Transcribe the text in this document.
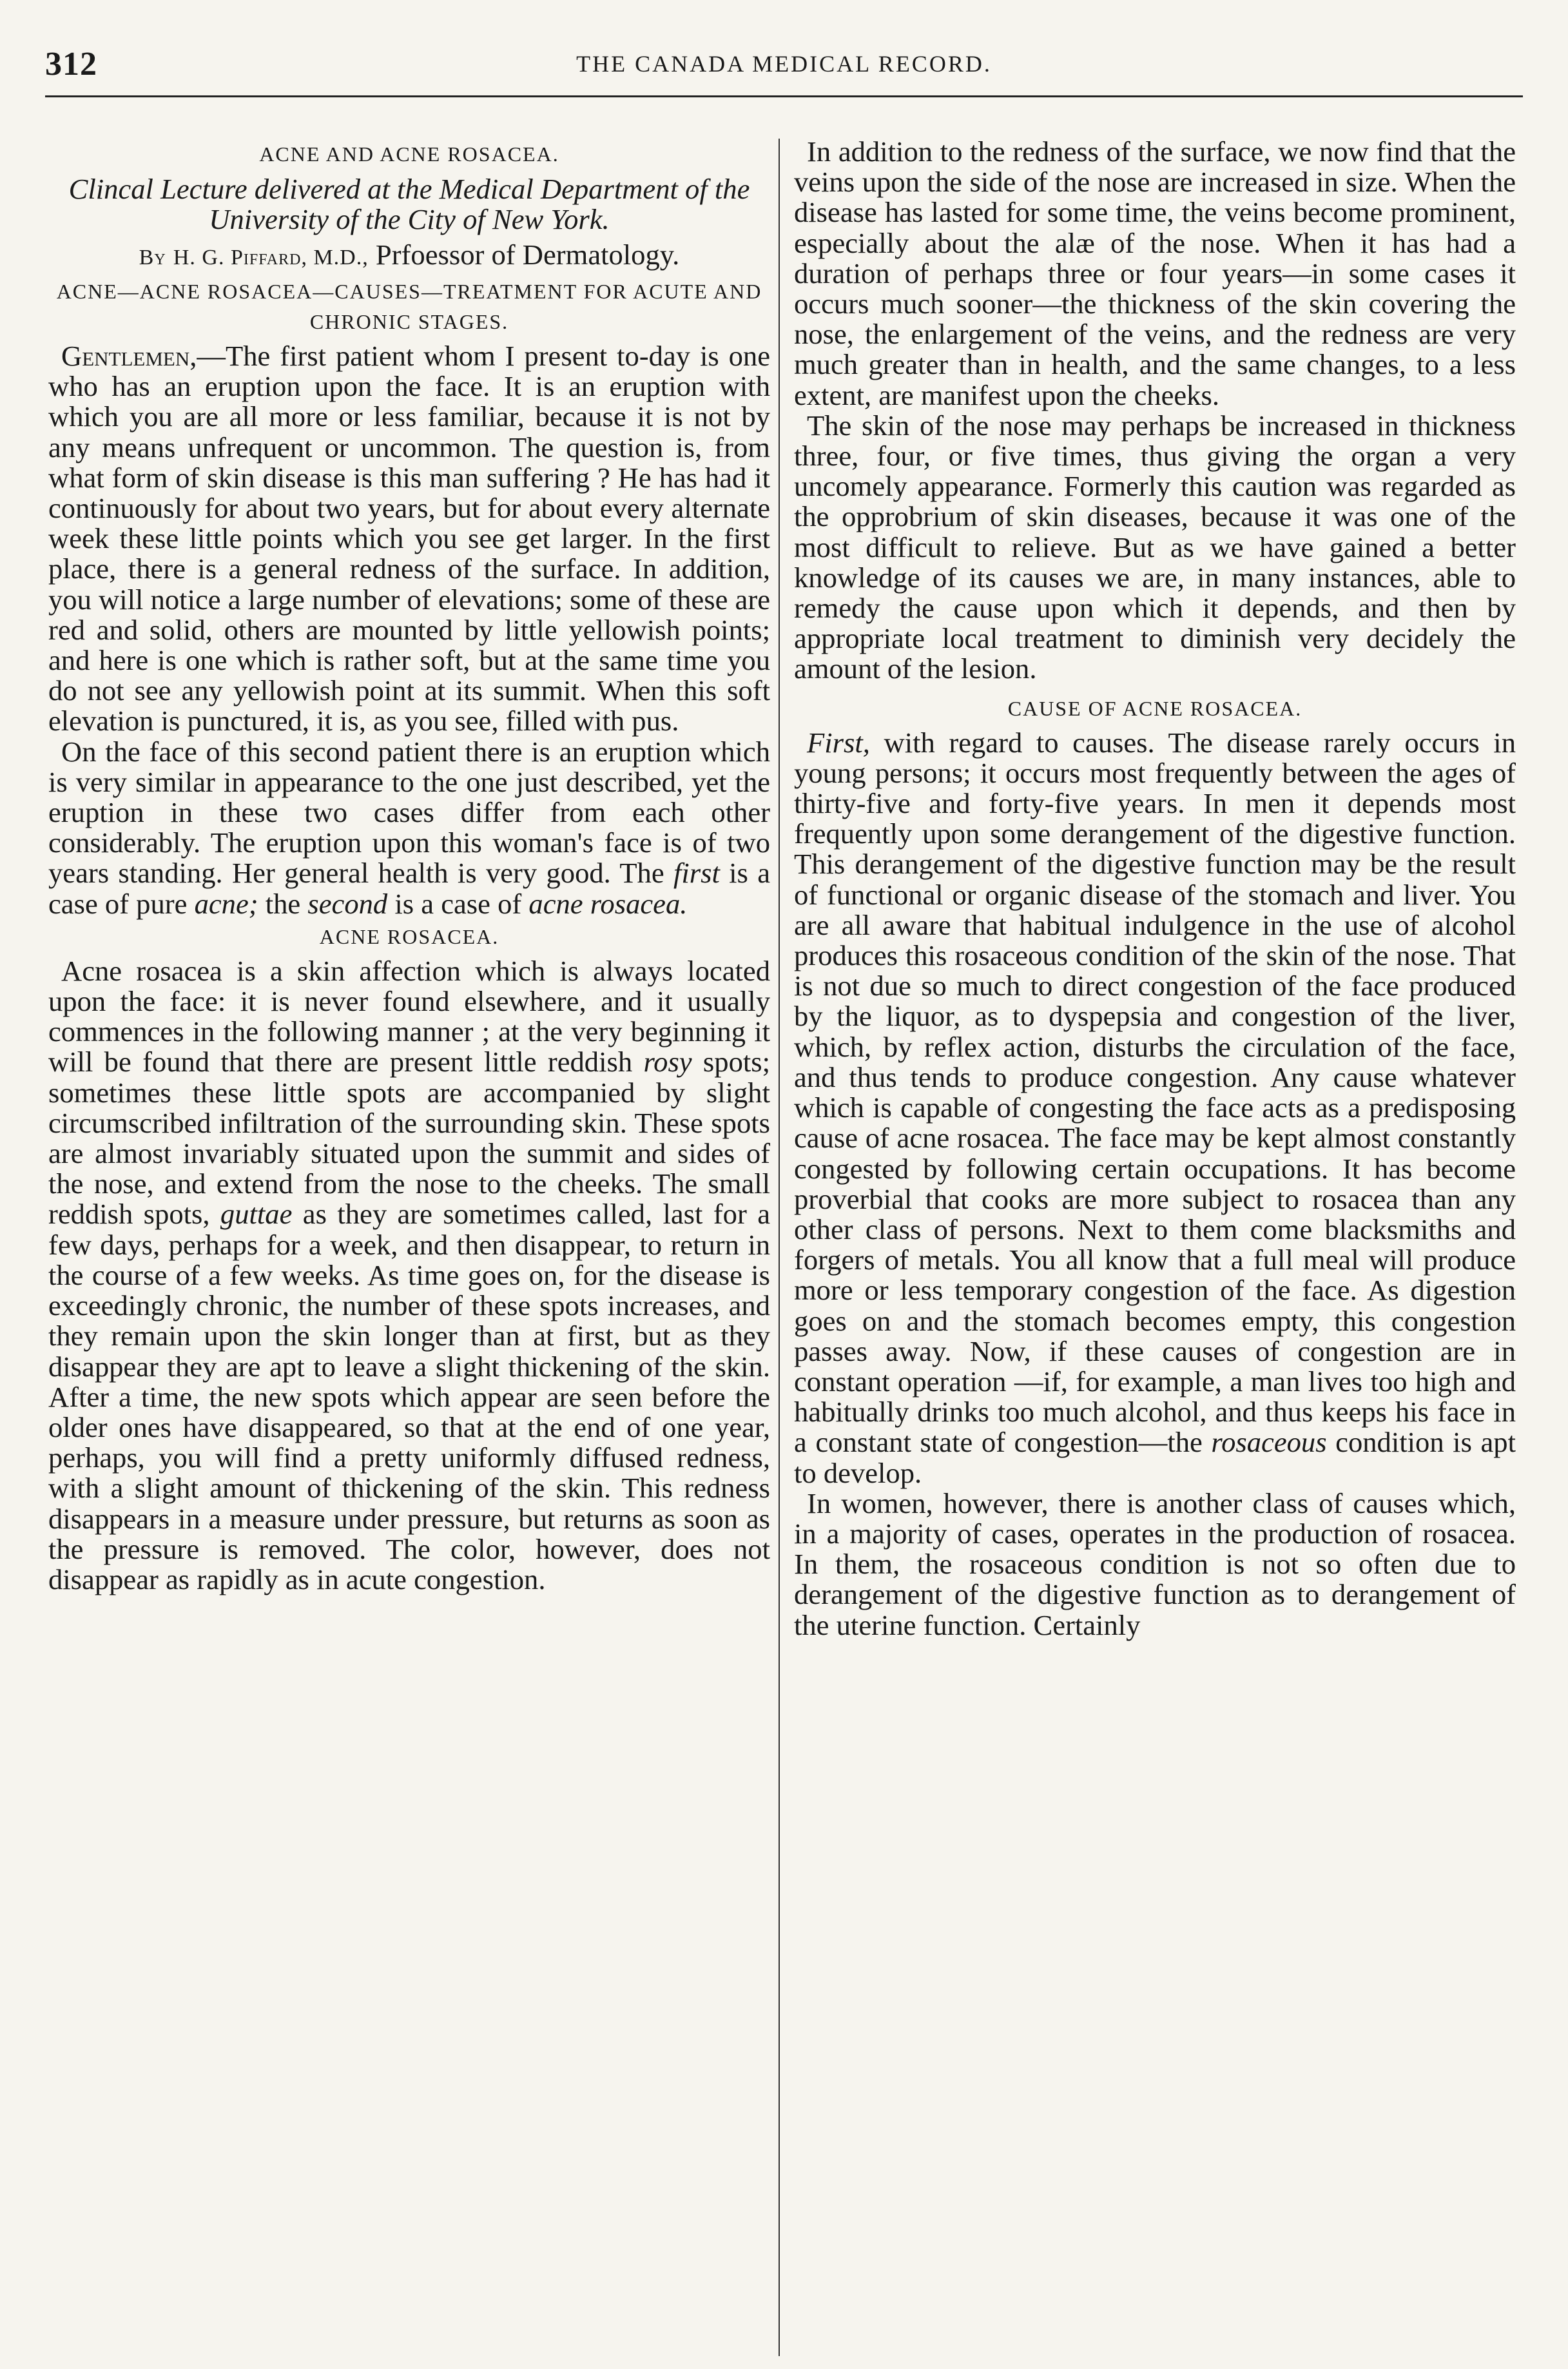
312	THE CANADA MEDICAL RECORD.
ACNE AND ACNE ROSACEA.
Clincal Lecture delivered at the Medical Department of the University of the City of New York.
By H. G. Piffard, M.D., Prfoessor of Dermatology.
ACNE—ACNE ROSACEA—CAUSES—TREATMENT FOR ACUTE AND CHRONIC STAGES.

Gentlemen,—The first patient whom I present to-day is one who has an eruption upon the face. It is an eruption with which you are all more or less familiar, because it is not by any means unfrequent or uncommon. The question is, from what form of skin disease is this man suffering ? He has had it continuously for about two years, but for about every alternate week these little points which you see get larger. In the first place, there is a general redness of the surface. In addition, you will notice a large number of elevations; some of these are red and solid, others are mounted by little yellowish points; and here is one which is rather soft, but at the same time you do not see any yellowish point at its summit. When this soft elevation is punctured, it is, as you see, filled with pus.

On the face of this second patient there is an eruption which is very similar in appearance to the one just described, yet the eruption in these two cases differ from each other considerably. The eruption upon this woman's face is of two years standing. Her general health is very good. The first is a case of pure acne; the second is a case of acne rosacea.

ACNE ROSACEA.

Acne rosacea is a skin affection which is always located upon the face: it is never found elsewhere, and it usually commences in the following manner ; at the very beginning it will be found that there are present little reddish rosy spots; sometimes these little spots are accompanied by slight circumscribed infiltration of the surrounding skin. These spots are almost invariably situated upon the summit and sides of the nose, and extend from the nose to the cheeks. The small reddish spots, guttae as they are sometimes called, last for a few days, perhaps for a week, and then disappear, to return in the course of a few weeks. As time goes on, for the disease is exceedingly chronic, the number of these spots increases, and they remain upon the skin longer than at first, but as they disappear they are apt to leave a slight thickening of the skin. After a time, the new spots which appear are seen before the older ones have disappeared, so that at the end of one year, perhaps, you will find a pretty uniformly diffused redness, with a slight amount of thickening of the skin. This redness disappears in a measure under pressure, but returns as soon as the pressure is removed. The color, however, does not disappear as rapidly as in acute congestion.

In addition to the redness of the surface, we now find that the veins upon the side of the nose are increased in size. When the disease has lasted for some time, the veins become prominent, especially about the alæ of the nose. When it has had a duration of perhaps three or four years—in some cases it occurs much sooner—the thickness of the skin covering the nose, the enlargement of the veins, and the redness are very much greater than in health, and the same changes, to a less extent, are manifest upon the cheeks.

The skin of the nose may perhaps be increased in thickness three, four, or five times, thus giving the organ a very uncomely appearance. Formerly this caution was regarded as the opprobrium of skin diseases, because it was one of the most difficult to relieve. But as we have gained a better knowledge of its causes we are, in many instances, able to remedy the cause upon which it depends, and then by appropriate local treatment to diminish very decidely the amount of the lesion.

CAUSE OF ACNE ROSACEA.

First, with regard to causes. The disease rarely occurs in young persons; it occurs most frequently between the ages of thirty-five and forty-five years. In men it depends most frequently upon some derangement of the digestive function. This derangement of the digestive function may be the result of functional or organic disease of the stomach and liver. You are all aware that habitual indulgence in the use of alcohol produces this rosaceous condition of the skin of the nose. That is not due so much to direct congestion of the face produced by the liquor, as to dyspepsia and congestion of the liver, which, by reflex action, disturbs the circulation of the face, and thus tends to produce congestion. Any cause whatever which is capable of congesting the face acts as a predisposing cause of acne rosacea. The face may be kept almost constantly congested by following certain occupations. It has become proverbial that cooks are more subject to rosacea than any other class of persons. Next to them come blacksmiths and forgers of metals. You all know that a full meal will produce more or less temporary congestion of the face. As digestion goes on and the stomach becomes empty, this congestion passes away. Now, if these causes of congestion are in constant operation —if, for example, a man lives too high and habitually drinks too much alcohol, and thus keeps his face in a constant state of congestion—the rosaceous condition is apt to develop.

In women, however, there is another class of causes which, in a majority of cases, operates in the production of rosacea. In them, the rosaceous condition is not so often due to derangement of the digestive function as to derangement of the uterine function. Certainly
